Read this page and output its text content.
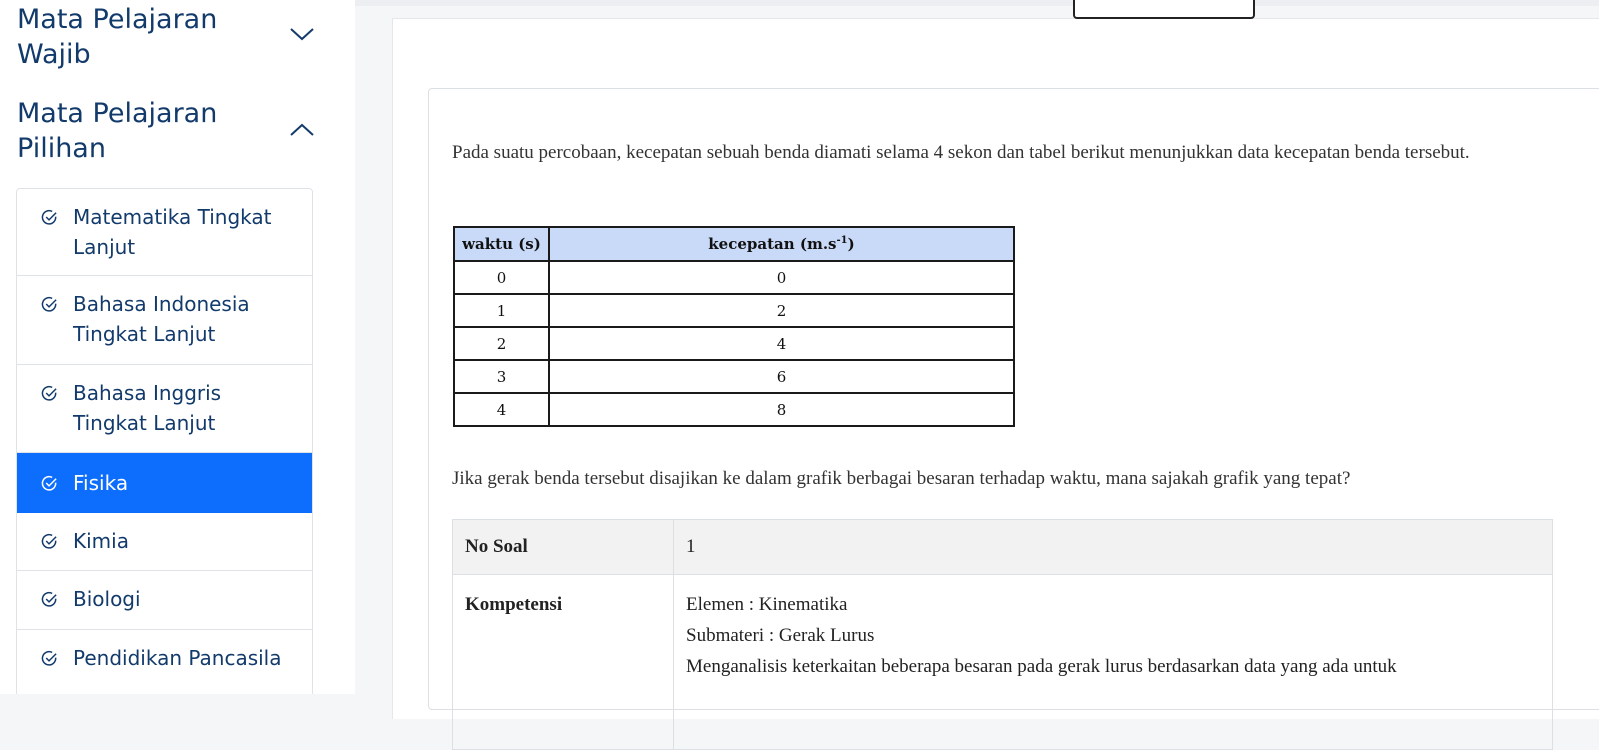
Mata Pelajaran Wajib
Mata Pelajaran Pilihan
Matematika Tingkat Lanjut
Bahasa Indonesia Tingkat Lanjut
Bahasa Inggris Tingkat Lanjut
Fisika
Kimia
Biologi
Pendidikan Pancasila
Pada suatu percobaan, kecepatan sebuah benda diamati selama 4 sekon dan tabel berikut menunjukkan data kecepatan benda tersebut.
waktu (s)	kecepatan $(m.s^{-1})$
0	0
1	2
2	4
3	6
4	8
Jika gerak benda tersebut disajikan ke dalam grafik berbagai besaran terhadap waktu, mana sajakah grafik yang tepat?
No Soal	1
Kompetensi	Elemen : Kinematika
Submateri : Gerak Lurus
Menganalisis keterkaitan beberapa besaran pada gerak lurus berdasarkan data yang ada untuk
